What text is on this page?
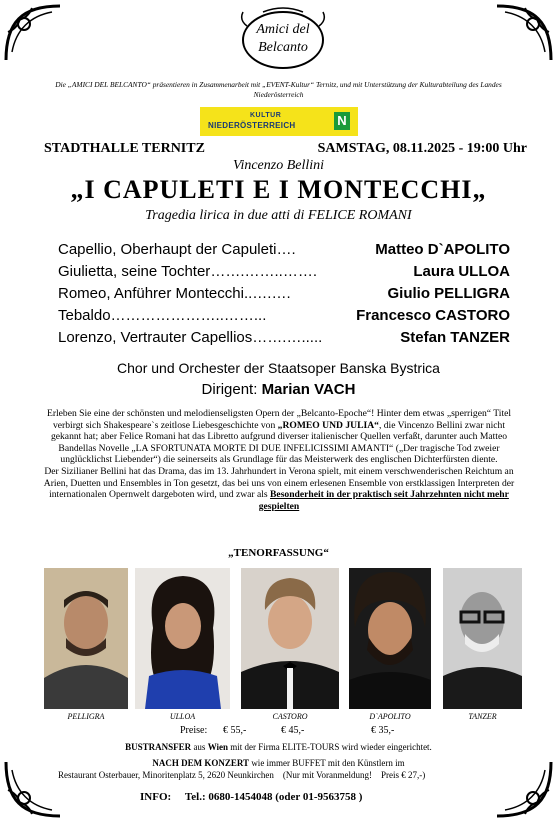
Amici del
Belcanto
Die „AMICI DEL BELCANTO“ präsentieren in Zusammenarbeit mit „EVENT-Kultur“ Ternitz, und mit Unterstützung der Kulturabteilung des Landes Niederösterreich
KULTUR
NIEDERÖSTERREICH	N
STADTHALLE TERNITZ	SAMSTAG, 08.11.2025 - 19:00 Uhr
Vincenzo Bellini
„I CAPULETI E I MONTECCHI„
Tragedia lirica in due atti di FELICE ROMANI
Capellio, Oberhaupt der Capuleti ….	Matteo D`APOLITO
Giulietta, seine Tochter …….……..…….	Laura ULLOA
Romeo, Anführer Montecchi ..….….	Giulio PELLIGRA
Tebaldo …………………..……...	Francesco CASTORO
Lorenzo, Vertrauter Capellios …….….....	Stefan TANZER
Chor und Orchester der Staatsoper Banska Bystrica
Dirigent: Marian VACH
Erleben Sie eine der schönsten und melodienseligsten Opern der „Belcanto-Epoche“! Hinter dem etwas „sperrigen“ Titel verbirgt sich Shakespeare`s zeitlose Liebesgeschichte von „ROMEO UND JULIA“, die Vincenzo Bellini zwar nicht gekannt hat; aber Felice Romani hat das Libretto aufgrund diverser italienischer Quellen verfaßt, darunter auch Matteo Bandellas Novelle „LA SFORTUNATA MORTE DI DUE INFELICISSIMI AMANTI“ („Der tragische Tod zweier unglücklichst Liebender“) die seinerseits als Grundlage für das Meisterwerk des englischen Dichterfürsten diente.
Der Sizilianer Bellini hat das Drama, das im 13. Jahrhundert in Verona spielt, mit einem verschwenderischen Reichtum an Arien, Duetten und Ensembles in Ton gesetzt, das bei uns von einem erlesenen Ensemble von erstklassigen Interpreten der internationalen Opernwelt dargeboten wird, und zwar als Besonderheit in der praktisch seit Jahrzehnten nicht mehr gespielten
„TENORFASSUNG“
PELLIGRA	ULLOA	CASTORO	D`APOLITO	TANZER
Preise: € 55,-	€ 45,-	€ 35,-
BUSTRANSFER aus Wien mit der Firma ELITE-TOURS wird wieder eingerichtet.
NACH DEM KONZERT wie immer BUFFET mit den Künstlern im
Restaurant Osterbauer, Minoritenplatz 5, 2620 Neunkirchen (Nur mit Voranmeldung! Preis € 27,-)
INFO: Tel.: 0680-1454048 (oder 01-9563758 )
